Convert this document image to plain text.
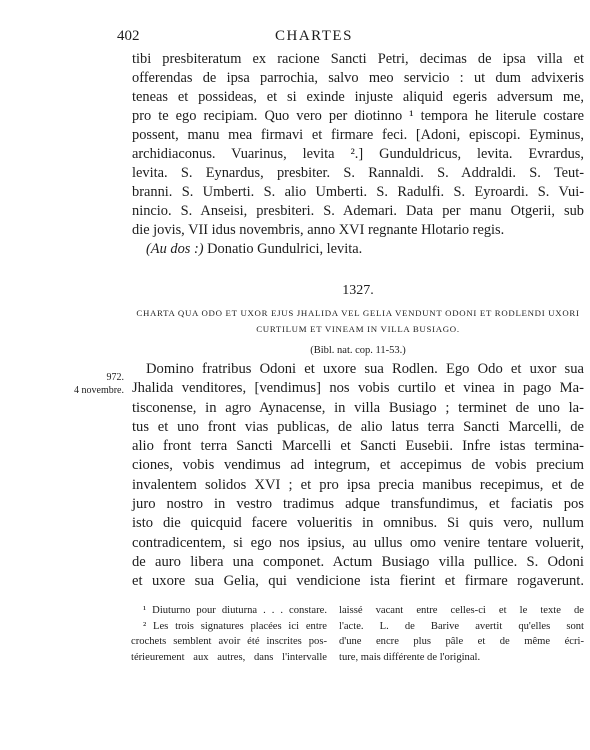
402	CHARTES
tibi presbiteratum ex racione Sancti Petri, decimas de ipsa villa et
offerendas de ipsa parrochia, salvo meo servicio : ut dum advixeris
teneas et possideas, et si exinde injuste aliquid egeris adversum me,
pro te ego recipiam. Quo vero per diotinno ¹ tempora he literule costare
possent, manu mea firmavi et firmare feci. [Adoni, episcopi. Eyminus,
archidiaconus. Vuarinus, levita ².] Gunduldricus, levita. Evrardus,
levita. S. Eynardus, presbiter. S. Rannaldi. S. Addraldi. S. Teut-
branni. S. Umberti. S. alio Umberti. S. Radulfi. S. Eyroardi. S. Vui-
nincio. S. Anseisi, presbiteri. S. Ademari. Data per manu Otgerii, sub
die jovis, VII idus novembris, anno XVI regnante Hlotario regis.
(Au dos :) Donatio Gundulrici, levita.
1327.
CHARTA QUA ODO ET UXOR EJUS JHALIDA VEL GELIA VENDUNT ODONI ET RODLENDI UXORI
CURTILUM ET VINEAM IN VILLA BUSIAGO.
(Bibl. nat. cop. 11-53.)
972.
4 novembre.
Domino fratribus Odoni et uxore sua Rodlen. Ego Odo et uxor sua
Jhalida venditores, [vendimus] nos vobis curtilo et vinea in pago Ma-
tisconense, in agro Aynacense, in villa Busiago ; terminet de uno la-
tus et uno front vias publicas, de alio latus terra Sancti Marcelli, de
alio front terra Sancti Marcelli et Sancti Eusebii. Infre istas termina-
ciones, vobis vendimus ad integrum, et accepimus de vobis precium
invalentem solidos XVI ; et pro ipsa precia manibus recepimus, et de
juro nostro in vestro tradimus adque transfundimus, et faciatis pos
isto die quicquid facere volueritis in omnibus. Si quis vero, nullum
contradicentem, si ego nos ipsius, au ullus omo venire tentare voluerit,
de auro libera una componet. Actum Busiago villa pullice. S. Odoni
et uxore sua Gelia, qui vendicione ista fierint et firmare rogaverunt.
¹ Diuturno pour diuturna . . . constare.
² Les trois signatures placées ici entre
crochets semblent avoir été inscrites pos-
térieurement aux autres, dans l'intervalle
laissé vacant entre celles-ci et le texte de
l'acte. L. de Barive avertit qu'elles sont
d'une encre plus pâle et de même écri-
ture, mais différente de l'original.
